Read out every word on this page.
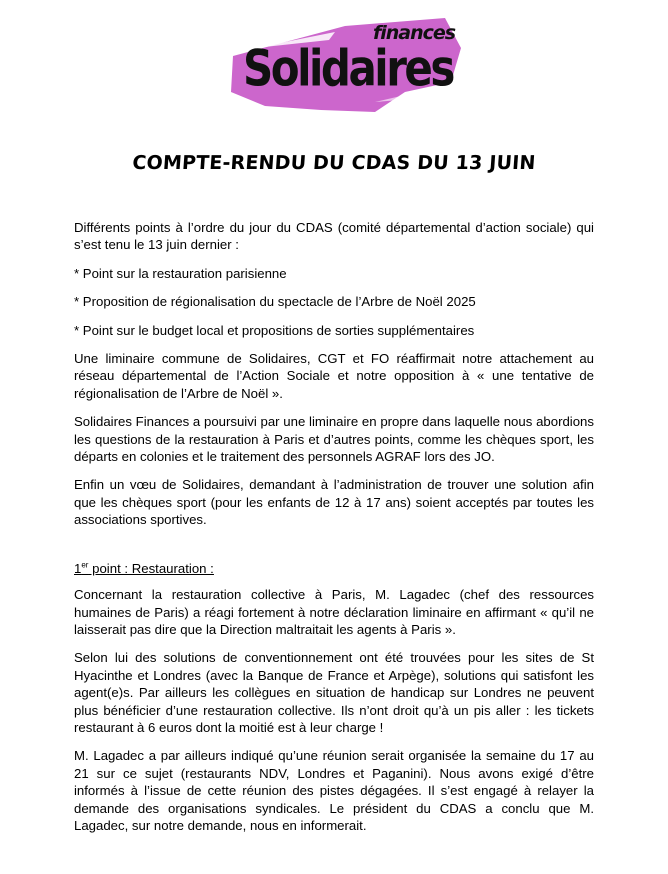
Solidaires
finances
COMPTE-RENDU DU CDAS DU 13 JUIN

Différents points à l’ordre du jour du CDAS (comité départemental d’action sociale) qui s’est tenu le 13 juin dernier :

* Point sur la restauration parisienne

* Proposition de régionalisation du spectacle de l’Arbre de Noël 2025

* Point sur le budget local et propositions de sorties supplémentaires

Une liminaire commune de Solidaires, CGT et FO réaffirmait notre attachement au réseau départemental de l’Action Sociale et notre opposition à « une tentative de régionalisation de l’Arbre de Noël ».

Solidaires Finances a poursuivi par une liminaire en propre dans laquelle nous abordions les questions de la restauration à Paris et d’autres points, comme les chèques sport, les départs en colonies et le traitement des personnels AGRAF lors des JO.

Enfin un vœu de Solidaires, demandant à l’administration de trouver une solution afin que les chèques sport (pour les enfants de 12 à 17 ans) soient acceptés par toutes les associations sportives.

1er point : Restauration :

Concernant la restauration collective à Paris, M. Lagadec (chef des ressources humaines de Paris) a réagi fortement à notre déclaration liminaire en affirmant « qu’il ne laisserait pas dire que la Direction maltraitait les agents à Paris ».

Selon lui des solutions de conventionnement ont été trouvées pour les sites de St Hyacinthe et Londres (avec la Banque de France et Arpège), solutions qui satisfont les agent(e)s. Par ailleurs les collègues en situation de handicap sur Londres ne peuvent plus bénéficier d’une restauration collective. Ils n’ont droit qu’à un pis aller : les tickets restaurant à 6 euros dont la moitié est à leur charge !

M. Lagadec a par ailleurs indiqué qu’une réunion serait organisée la semaine du 17 au 21 sur ce sujet (restaurants NDV, Londres et Paganini). Nous avons exigé d’être informés à l’issue de cette réunion des pistes dégagées. Il s’est engagé à relayer la demande des organisations syndicales. Le président du CDAS a conclu que M. Lagadec, sur notre demande, nous en informerait.
